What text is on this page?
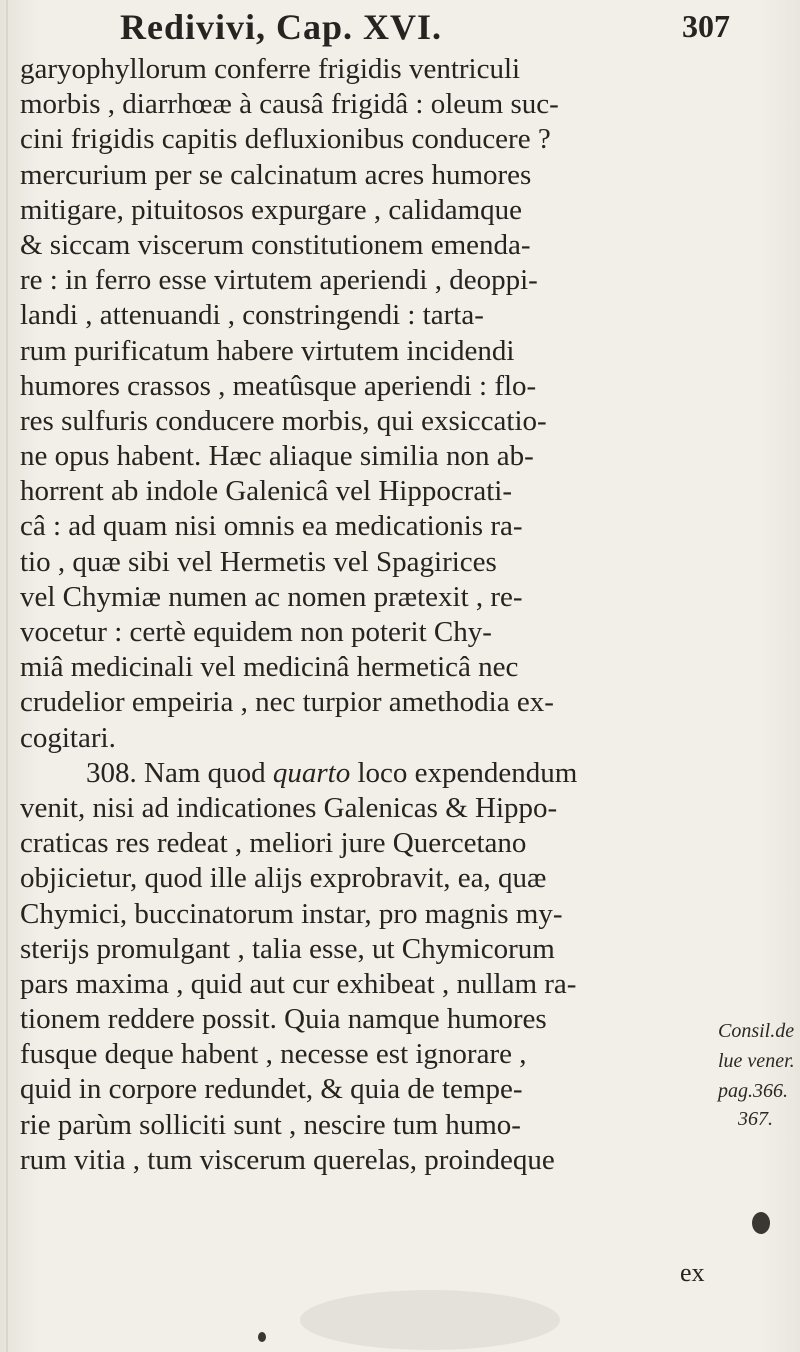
Redivivi, Cap. XVI.	307
garyophyllorum conferre frigidis ventriculi
morbis , diarrhœæ à causâ frigidâ : oleum suc-
cini frigidis capitis defluxionibus conducere ?
mercurium per se calcinatum acres humores
mitigare, pituitosos expurgare , calidamque
& siccam viscerum constitutionem emenda-
re : in ferro esse virtutem aperiendi , deoppi-
landi , attenuandi , constringendi : tarta-
rum purificatum habere virtutem incidendi
humores crassos , meatûsque aperiendi : flo-
res sulfuris conducere morbis, qui exsiccatio-
ne opus habent. Hæc aliaque similia non ab-
horrent ab indole Galenicâ vel Hippocrati-
câ : ad quam nisi omnis ea medicationis ra-
tio , quæ sibi vel Hermetis vel Spagirices
vel Chymiæ numen ac nomen prætexit , re-
vocetur : certè equidem non poterit Chy-
miâ medicinali vel medicinâ hermeticâ nec
crudelior empeiria , nec turpior amethodia ex-
cogitari.
308. Nam quod quarto loco expendendum
venit, nisi ad indicationes Galenicas & Hippo-
craticas res redeat , meliori jure Quercetano
objicietur, quod ille alijs exprobravit, ea, quæ
Chymici, buccinatorum instar, pro magnis my-
sterijs promulgant , talia esse, ut Chymicorum
pars maxima , quid aut cur exhibeat , nullam ra-
tionem reddere possit. Quia namque humores
fusque deque habent , necesse est ignorare ,
quid in corpore redundet, & quia de tempe-
rie parùm solliciti sunt , nescire tum humo-
rum vitia , tum viscerum querelas, proindeque
Consil.de
lue vener.
pag.366.
367.
ex
